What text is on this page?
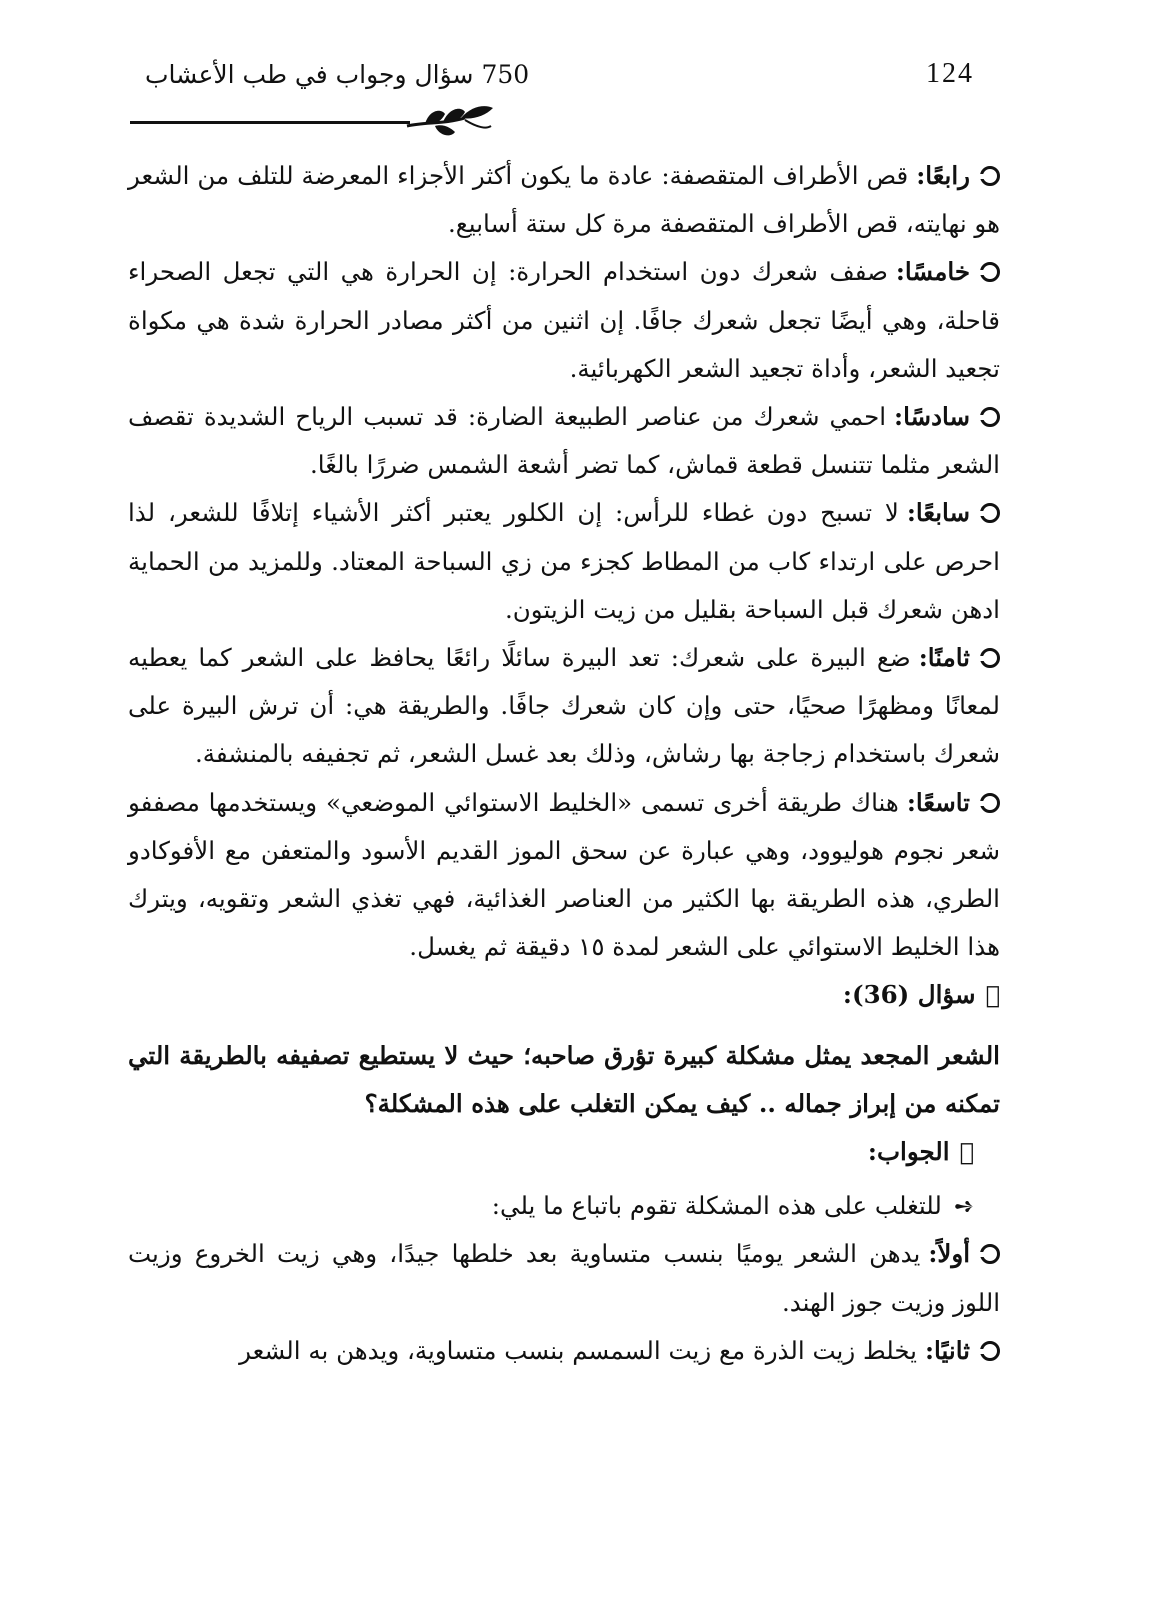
124
750 سؤال وجواب في طب الأعشاب

رابعًا:قص الأطراف المتقصفة: عادة ما يكون أكثر الأجزاء المعرضة للتلف من الشعر هو نهايته، قص الأطراف المتقصفة مرة كل ستة أسابيع.

خامسًا:صفف شعرك دون استخدام الحرارة: إن الحرارة هي التي تجعل الصحراء قاحلة، وهي أيضًا تجعل شعرك جافًا. إن اثنين من أكثر مصادر الحرارة شدة هي مكواة تجعيد الشعر، وأداة تجعيد الشعر الكهربائية.

سادسًا:احمي شعرك من عناصر الطبيعة الضارة: قد تسبب الرياح الشديدة تقصف الشعر مثلما تتنسل قطعة قماش، كما تضر أشعة الشمس ضررًا بالغًا.

سابعًا:لا تسبح دون غطاء للرأس: إن الكلور يعتبر أكثر الأشياء إتلافًا للشعر، لذا احرص على ارتداء كاب من المطاط كجزء من زي السباحة المعتاد. وللمزيد من الحماية ادهن شعرك قبل السباحة بقليل من زيت الزيتون.

ثامنًا:ضع البيرة على شعرك: تعد البيرة سائلًا رائعًا يحافظ على الشعر كما يعطيه لمعانًا ومظهرًا صحيًا، حتى وإن كان شعرك جافًا. والطريقة هي: أن ترش البيرة على شعرك باستخدام زجاجة بها رشاش، وذلك بعد غسل الشعر، ثم تجفيفه بالمنشفة.

تاسعًا:هناك طريقة أخرى تسمى «الخليط الاستوائي الموضعي» ويستخدمها مصففو شعر نجوم هوليوود، وهي عبارة عن سحق الموز القديم الأسود والمتعفن مع الأفوكادو الطري، هذه الطريقة بها الكثير من العناصر الغذائية، فهي تغذي الشعر وتقويه، ويترك هذا الخليط الاستوائي على الشعر لمدة ١٥ دقيقة ثم يغسل.

سؤال (36):

الشعر المجعد يمثل مشكلة كبيرة تؤرق صاحبه؛ حيث لا يستطيع تصفيفه بالطريقة التي تمكنه من إبراز جماله .. كيف يمكن التغلب على هذه المشكلة؟

الجواب:

➺للتغلب على هذه المشكلة تقوم باتباع ما يلي:

أولاً:يدهن الشعر يوميًا بنسب متساوية بعد خلطها جيدًا، وهي زيت الخروع وزيت اللوز وزيت جوز الهند.

ثانيًا:يخلط زيت الذرة مع زيت السمسم بنسب متساوية، ويدهن به الشعر
